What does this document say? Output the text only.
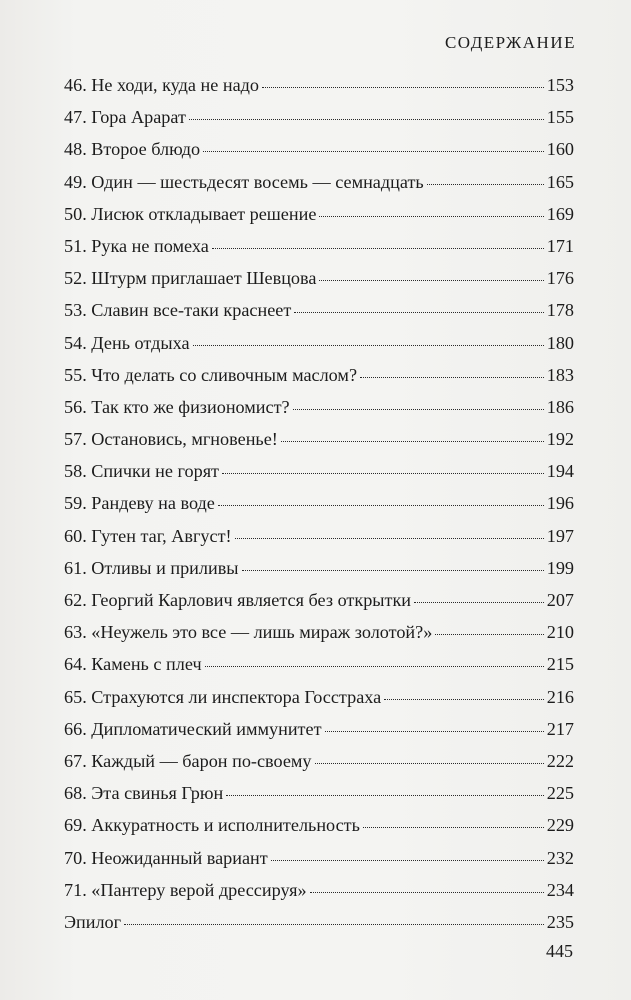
СОДЕРЖАНИЕ
46. Не ходи, куда не надо	153
47. Гора Арарат	155
48. Второе блюдо	160
49. Один — шестьдесят восемь — семнадцать	165
50. Лисюк откладывает решение	169
51. Рука не помеха	171
52. Штурм приглашает Шевцова	176
53. Славин все-таки краснеет	178
54. День отдыха	180
55. Что делать со сливочным маслом?	183
56. Так кто же физиономист?	186
57. Остановись, мгновенье!	192
58. Спички не горят	194
59. Рандеву на воде	196
60. Гутен таг, Август!	197
61. Отливы и приливы	199
62. Георгий Карлович является без открытки	207
63. «Неужель это все — лишь мираж золотой?»	210
64. Камень с плеч	215
65. Страхуются ли инспектора Госстраха	216
66. Дипломатический иммунитет	217
67. Каждый — барон по-своему	222
68. Эта свинья Грюн	225
69. Аккуратность и исполнительность	229
70. Неожиданный вариант	232
71. «Пантеру верой дрессируя»	234
Эпилог	235
445
